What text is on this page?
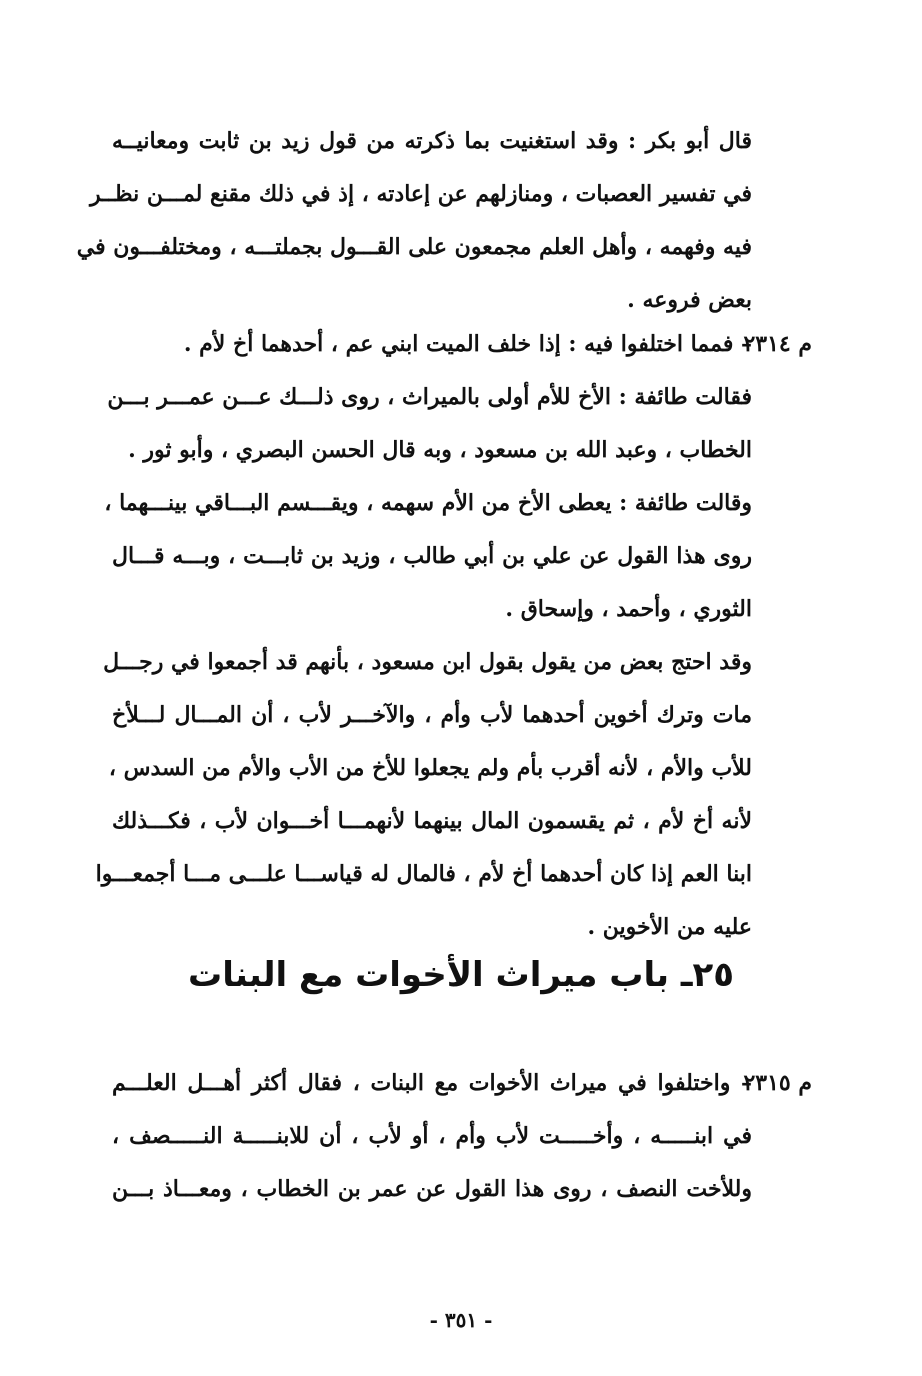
قال أبو بكر : وقد استغنيت بما ذكرته من قول زيد بن ثابت ومعانيــه
في تفسير العصبات ، ومنازلهم عن إعادته ، إذ في ذلك مقنع لمـــن نظــر
فيه وفهمه ، وأهل العلم مجمعون على القـــول بجملتـــه ، ومختلفـــون في
بعض فروعه .
م ٢٣١٤
– فمما اختلفوا فيه : إذا خلف الميت ابني عم ، أحدهما أخ لأم .
فقالت طائفة : الأخ للأم أولى بالميراث ، روى ذلـــك عـــن عمـــر بـــن
الخطاب ، وعبد الله بن مسعود ، وبه قال الحسن البصري ، وأبو ثور .
وقالت طائفة : يعطى الأخ من الأم سهمه ، ويقـــسم البـــاقي بينـــهما ،
روى هذا القول عن علي بن أبي طالب ، وزيد بن ثابـــت ، وبـــه قـــال
الثوري ، وأحمد ، وإسحاق .
وقد احتج بعض من يقول بقول ابن مسعود ، بأنهم قد أجمعوا في رجـــل
مات وترك أخوين أحدهما لأب وأم ، والآخـــر لأب ، أن المـــال لـــلأخ
للأب والأم ، لأنه أقرب بأم ولم يجعلوا للأخ من الأب والأم من السدس ،
لأنه أخ لأم ، ثم يقسمون المال بينهما لأنهمـــا أخـــوان لأب ، فكـــذلك
ابنا العم إذا كان أحدهما أخ لأم ، فالمال له قياســـا علـــى مـــا أجمعـــوا
عليه من الأخوين .
٢٥ـ باب ميراث الأخوات مع البنات
م ٢٣١٥
– واختلفوا في ميراث الأخوات مع البنات ، فقال أكثر أهـــل العلـــم
في ابنـــــه ، وأخـــــت لأب وأم ، أو لأب ، أن للابنـــــة النـــــصف ،
وللأخت النصف ، روى هذا القول عن عمر بن الخطاب ، ومعـــاذ بـــن
- ٣٥١ -
